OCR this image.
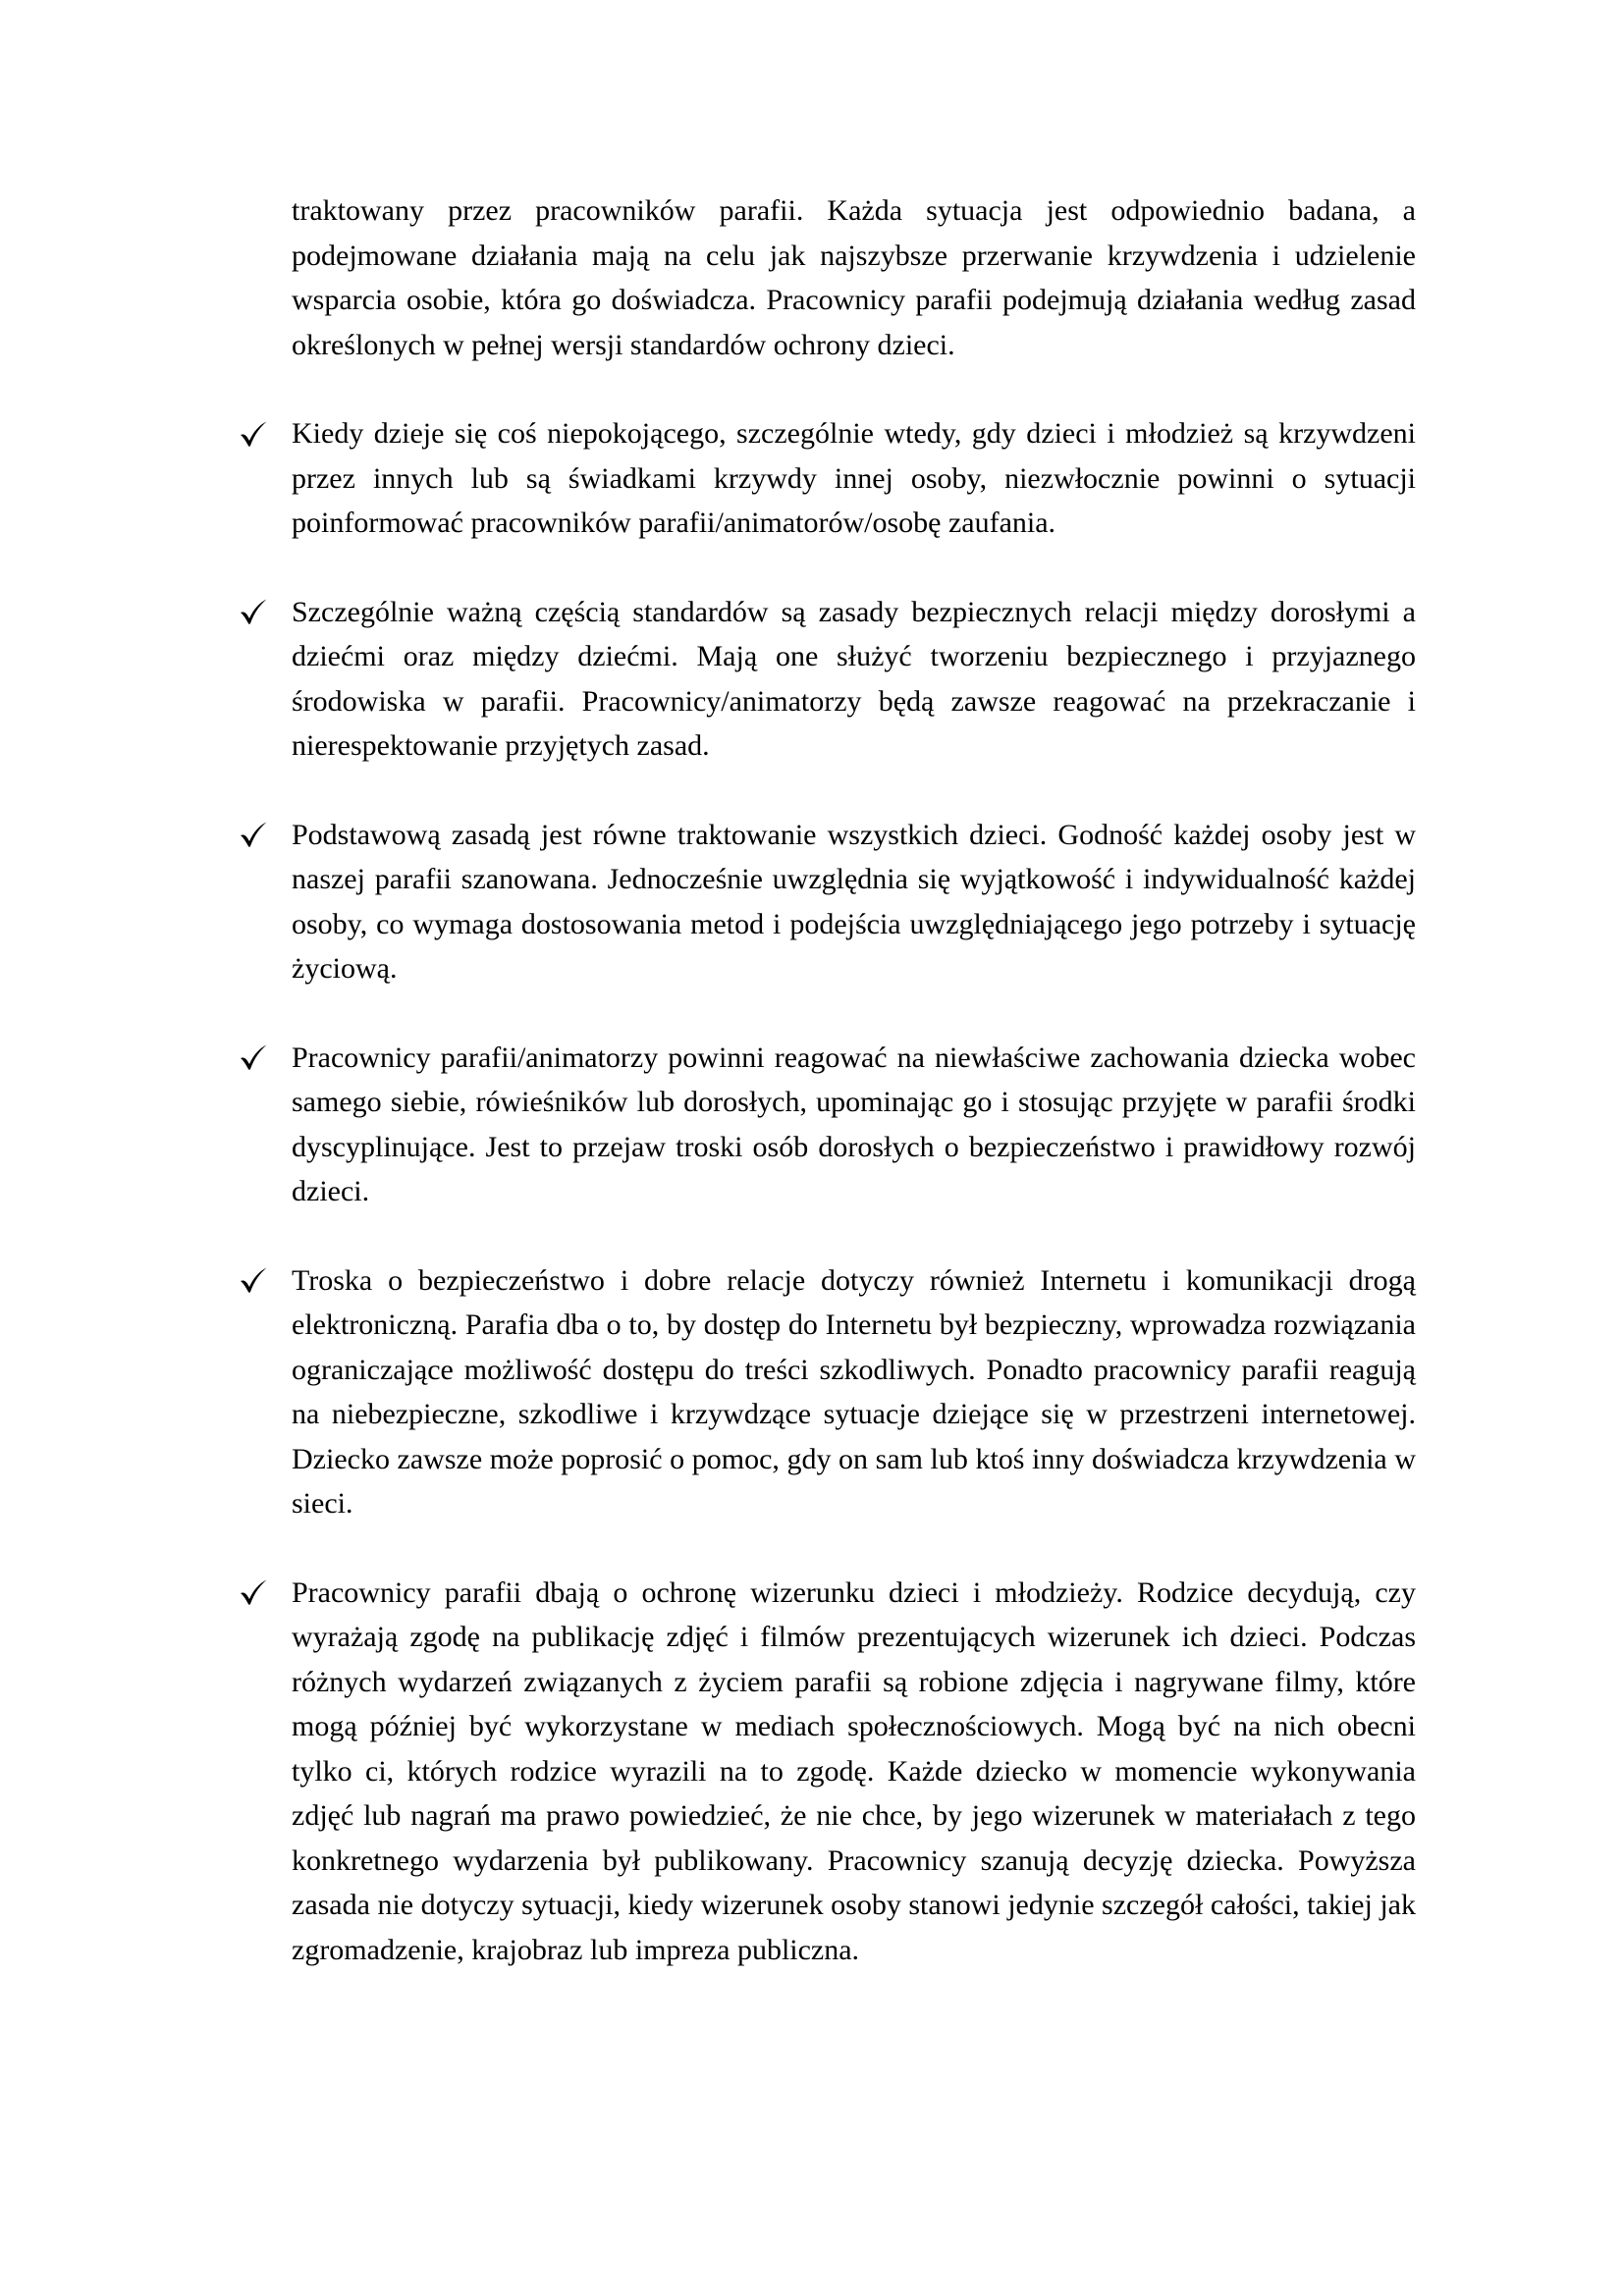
traktowany przez pracowników parafii. Każda sytuacja jest odpowiednio badana, a podejmowane działania mają na celu jak najszybsze przerwanie krzywdzenia i udzielenie wsparcia osobie, która go doświadcza. Pracownicy parafii podejmują działania według zasad określonych w pełnej wersji standardów ochrony dzieci.

Kiedy dzieje się coś niepokojącego, szczególnie wtedy, gdy dzieci i młodzież są krzywdzeni przez innych lub są świadkami krzywdy innej osoby, niezwłocznie powinni o sytuacji poinformować pracowników parafii/animatorów/osobę zaufania.

Szczególnie ważną częścią standardów są zasady bezpiecznych relacji między dorosłymi a dziećmi oraz między dziećmi. Mają one służyć tworzeniu bezpiecznego i przyjaznego środowiska w parafii. Pracownicy/animatorzy będą zawsze reagować na przekraczanie i nierespektowanie przyjętych zasad.

Podstawową zasadą jest równe traktowanie wszystkich dzieci. Godność każdej osoby jest w naszej parafii szanowana. Jednocześnie uwzględnia się wyjątkowość i indywidualność każdej osoby, co wymaga dostosowania metod i podejścia uwzględniającego jego potrzeby i sytuację życiową.

Pracownicy parafii/animatorzy powinni reagować na niewłaściwe zachowania dziecka wobec samego siebie, rówieśników lub dorosłych, upominając go i stosując przyjęte w parafii środki dyscyplinujące. Jest to przejaw troski osób dorosłych o bezpieczeństwo i prawidłowy rozwój dzieci.

Troska o bezpieczeństwo i dobre relacje dotyczy również Internetu i komunikacji drogą elektroniczną. Parafia dba o to, by dostęp do Internetu był bezpieczny, wprowadza rozwiązania ograniczające możliwość dostępu do treści szkodliwych. Ponadto pracownicy parafii reagują na niebezpieczne, szkodliwe i krzywdzące sytuacje dziejące się w przestrzeni internetowej. Dziecko zawsze może poprosić o pomoc, gdy on sam lub ktoś inny doświadcza krzywdzenia w sieci.

Pracownicy parafii dbają o ochronę wizerunku dzieci i młodzieży. Rodzice decydują, czy wyrażają zgodę na publikację zdjęć i filmów prezentujących wizerunek ich dzieci. Podczas różnych wydarzeń związanych z życiem parafii są robione zdjęcia i nagrywane filmy, które mogą później być wykorzystane w mediach społecznościowych. Mogą być na nich obecni tylko ci, których rodzice wyrazili na to zgodę. Każde dziecko w momencie wykonywania zdjęć lub nagrań ma prawo powiedzieć, że nie chce, by jego wizerunek w materiałach z tego konkretnego wydarzenia był publikowany. Pracownicy szanują decyzję dziecka. Powyższa zasada nie dotyczy sytuacji, kiedy wizerunek osoby stanowi jedynie szczegół całości, takiej jak zgromadzenie, krajobraz lub impreza publiczna.
